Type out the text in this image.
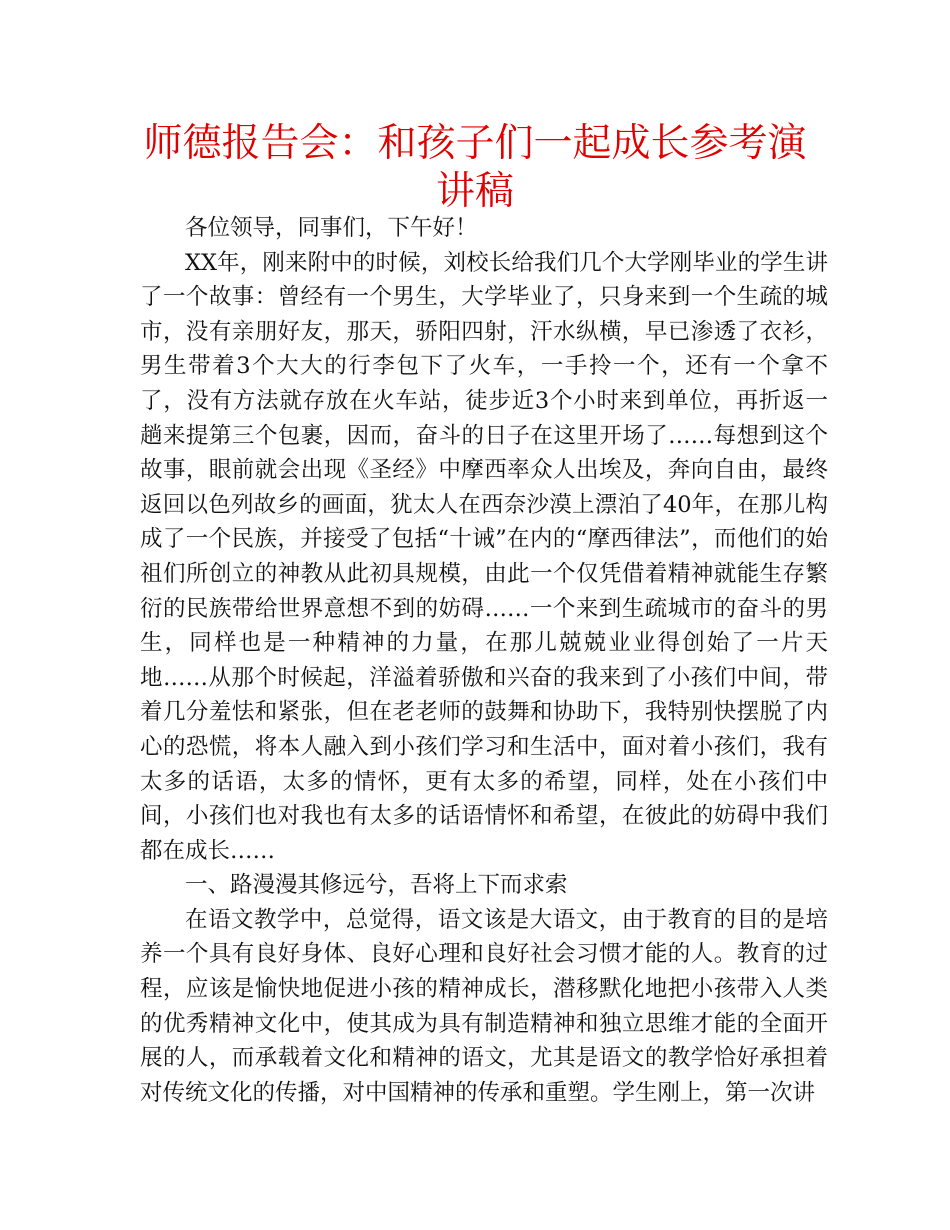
师德报告会：和孩子们一起成长参考演讲稿

各位领导，同事们，下午好！

XX年，刚来附中的时候，刘校长给我们几个大学刚毕业的学生讲了一个故事：曾经有一个男生，大学毕业了，只身来到一个生疏的城市，没有亲朋好友，那天，骄阳四射，汗水纵横，早已渗透了衣衫，男生带着3个大大的行李包下了火车，一手拎一个，还有一个拿不了，没有方法就存放在火车站，徒步近3个小时来到单位，再折返一趟来提第三个包裹，因而，奋斗的日子在这里开场了……每想到这个故事，眼前就会出现《圣经》中摩西率众人出埃及，奔向自由，最终返回以色列故乡的画面，犹太人在西奈沙漠上漂泊了40年，在那儿构成了一个民族，并接受了包括“十诫”在内的“摩西律法”，而他们的始祖们所创立的神教从此初具规模，由此一个仅凭借着精神就能生存繁衍的民族带给世界意想不到的妨碍……一个来到生疏城市的奋斗的男生，同样也是一种精神的力量，在那儿兢兢业业得创始了一片天地……从那个时候起，洋溢着骄傲和兴奋的我来到了小孩们中间，带着几分羞怯和紧张，但在老老师的鼓舞和协助下，我特别快摆脱了内心的恐慌，将本人融入到小孩们学习和生活中，面对着小孩们，我有太多的话语，太多的情怀，更有太多的希望，同样，处在小孩们中间，小孩们也对我也有太多的话语情怀和希望，在彼此的妨碍中我们都在成长……

一、路漫漫其修远兮，吾将上下而求索

在语文教学中，总觉得，语文该是大语文，由于教育的目的是培养一个具有良好身体、良好心理和良好社会习惯才能的人。教育的过程，应该是愉快地促进小孩的精神成长，潜移默化地把小孩带入人类的优秀精神文化中，使其成为具有制造精神和独立思维才能的全面开展的人，而承载着文化和精神的语文，尤其是语文的教学恰好承担着对传统文化的传播，对中国精神的传承和重塑。学生刚上，第一次讲
